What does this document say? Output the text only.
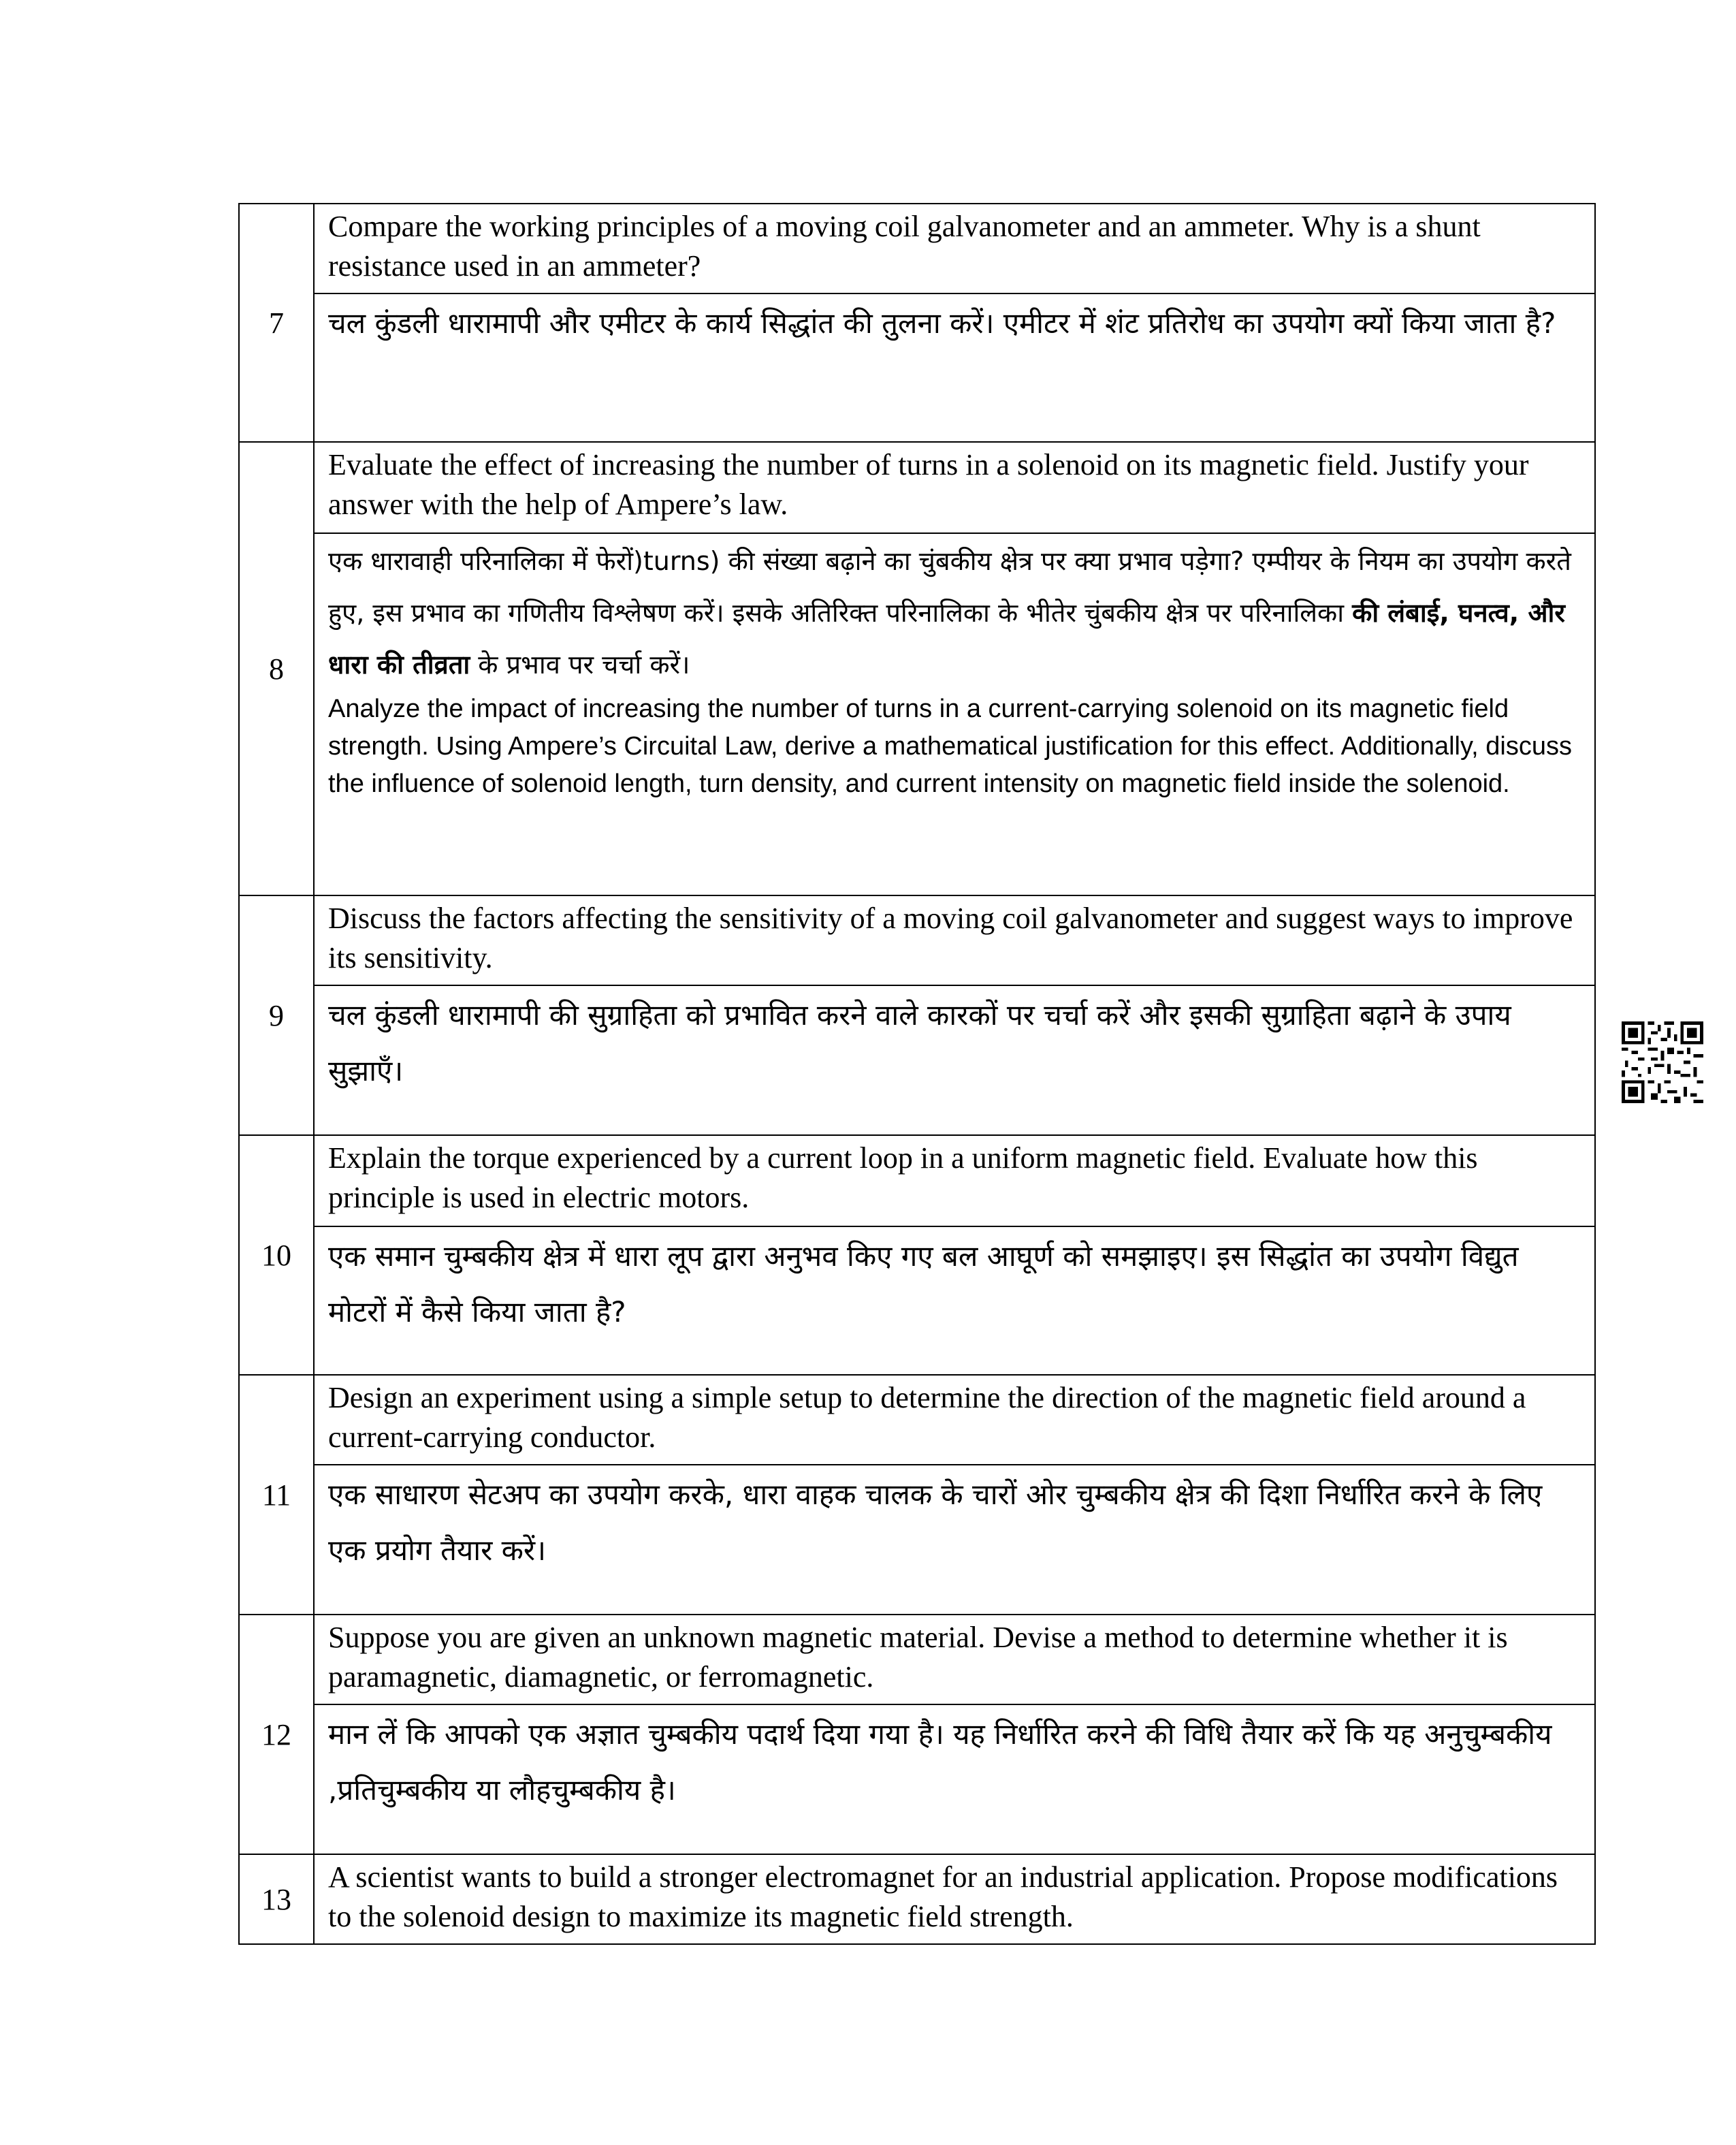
7	Compare the working principles of a moving coil galvanometer and an ammeter. Why is a shunt resistance used in an ammeter?

	चल कुंडली धारामापी और एमीटर के कार्य सिद्धांत की तुलना करें। एमीटर में शंट प्रतिरोध का उपयोग क्यों किया जाता है?

8	Evaluate the effect of increasing the number of turns in a solenoid on its magnetic field. Justify your answer with the help of Ampere’s law.

	एक धारावाही परिनालिका में फेरों)turns) की संख्या बढ़ाने का चुंबकीय क्षेत्र पर क्या प्रभाव पड़ेगा? एम्पीयर के नियम का उपयोग करते हुए, इस प्रभाव का गणितीय विश्लेषण करें। इसके अतिरिक्त परिनालिका के भीतेर चुंबकीय क्षेत्र पर परिनालिका की लंबाई, घनत्व, और धारा की तीव्रता के प्रभाव पर चर्चा करें।
Analyze the impact of increasing the number of turns in a current-carrying solenoid on its magnetic field strength. Using Ampere’s Circuital Law, derive a mathematical justification for this effect. Additionally, discuss the influence of solenoid length, turn density, and current intensity on magnetic field inside the solenoid.

9	Discuss the factors affecting the sensitivity of a moving coil galvanometer and suggest ways to improve its sensitivity.

	चल कुंडली धारामापी की सुग्राहिता को प्रभावित करने वाले कारकों पर चर्चा करें और इसकी सुग्राहिता बढ़ाने के उपाय सुझाएँ।

10	Explain the torque experienced by a current loop in a uniform magnetic field. Evaluate how this principle is used in electric motors.

	एक समान चुम्बकीय क्षेत्र में धारा लूप द्वारा अनुभव किए गए बल आघूर्ण को समझाइए। इस सिद्धांत का उपयोग विद्युत मोटरों में कैसे किया जाता है?

11	Design an experiment using a simple setup to determine the direction of the magnetic field around a current-carrying conductor.

	एक साधारण सेटअप का उपयोग करके, धारा वाहक चालक के चारों ओर चुम्बकीय क्षेत्र की दिशा निर्धारित करने के लिए एक प्रयोग तैयार करें।

12	Suppose you are given an unknown magnetic material. Devise a method to determine whether it is paramagnetic, diamagnetic, or ferromagnetic.

	मान लें कि आपको एक अज्ञात चुम्बकीय पदार्थ दिया गया है। यह निर्धारित करने की विधि तैयार करें कि यह अनुचुम्बकीय ,प्रतिचुम्बकीय या लौहचुम्बकीय है।

13	A scientist wants to build a stronger electromagnet for an industrial application. Propose modifications to the solenoid design to maximize its magnetic field strength.
